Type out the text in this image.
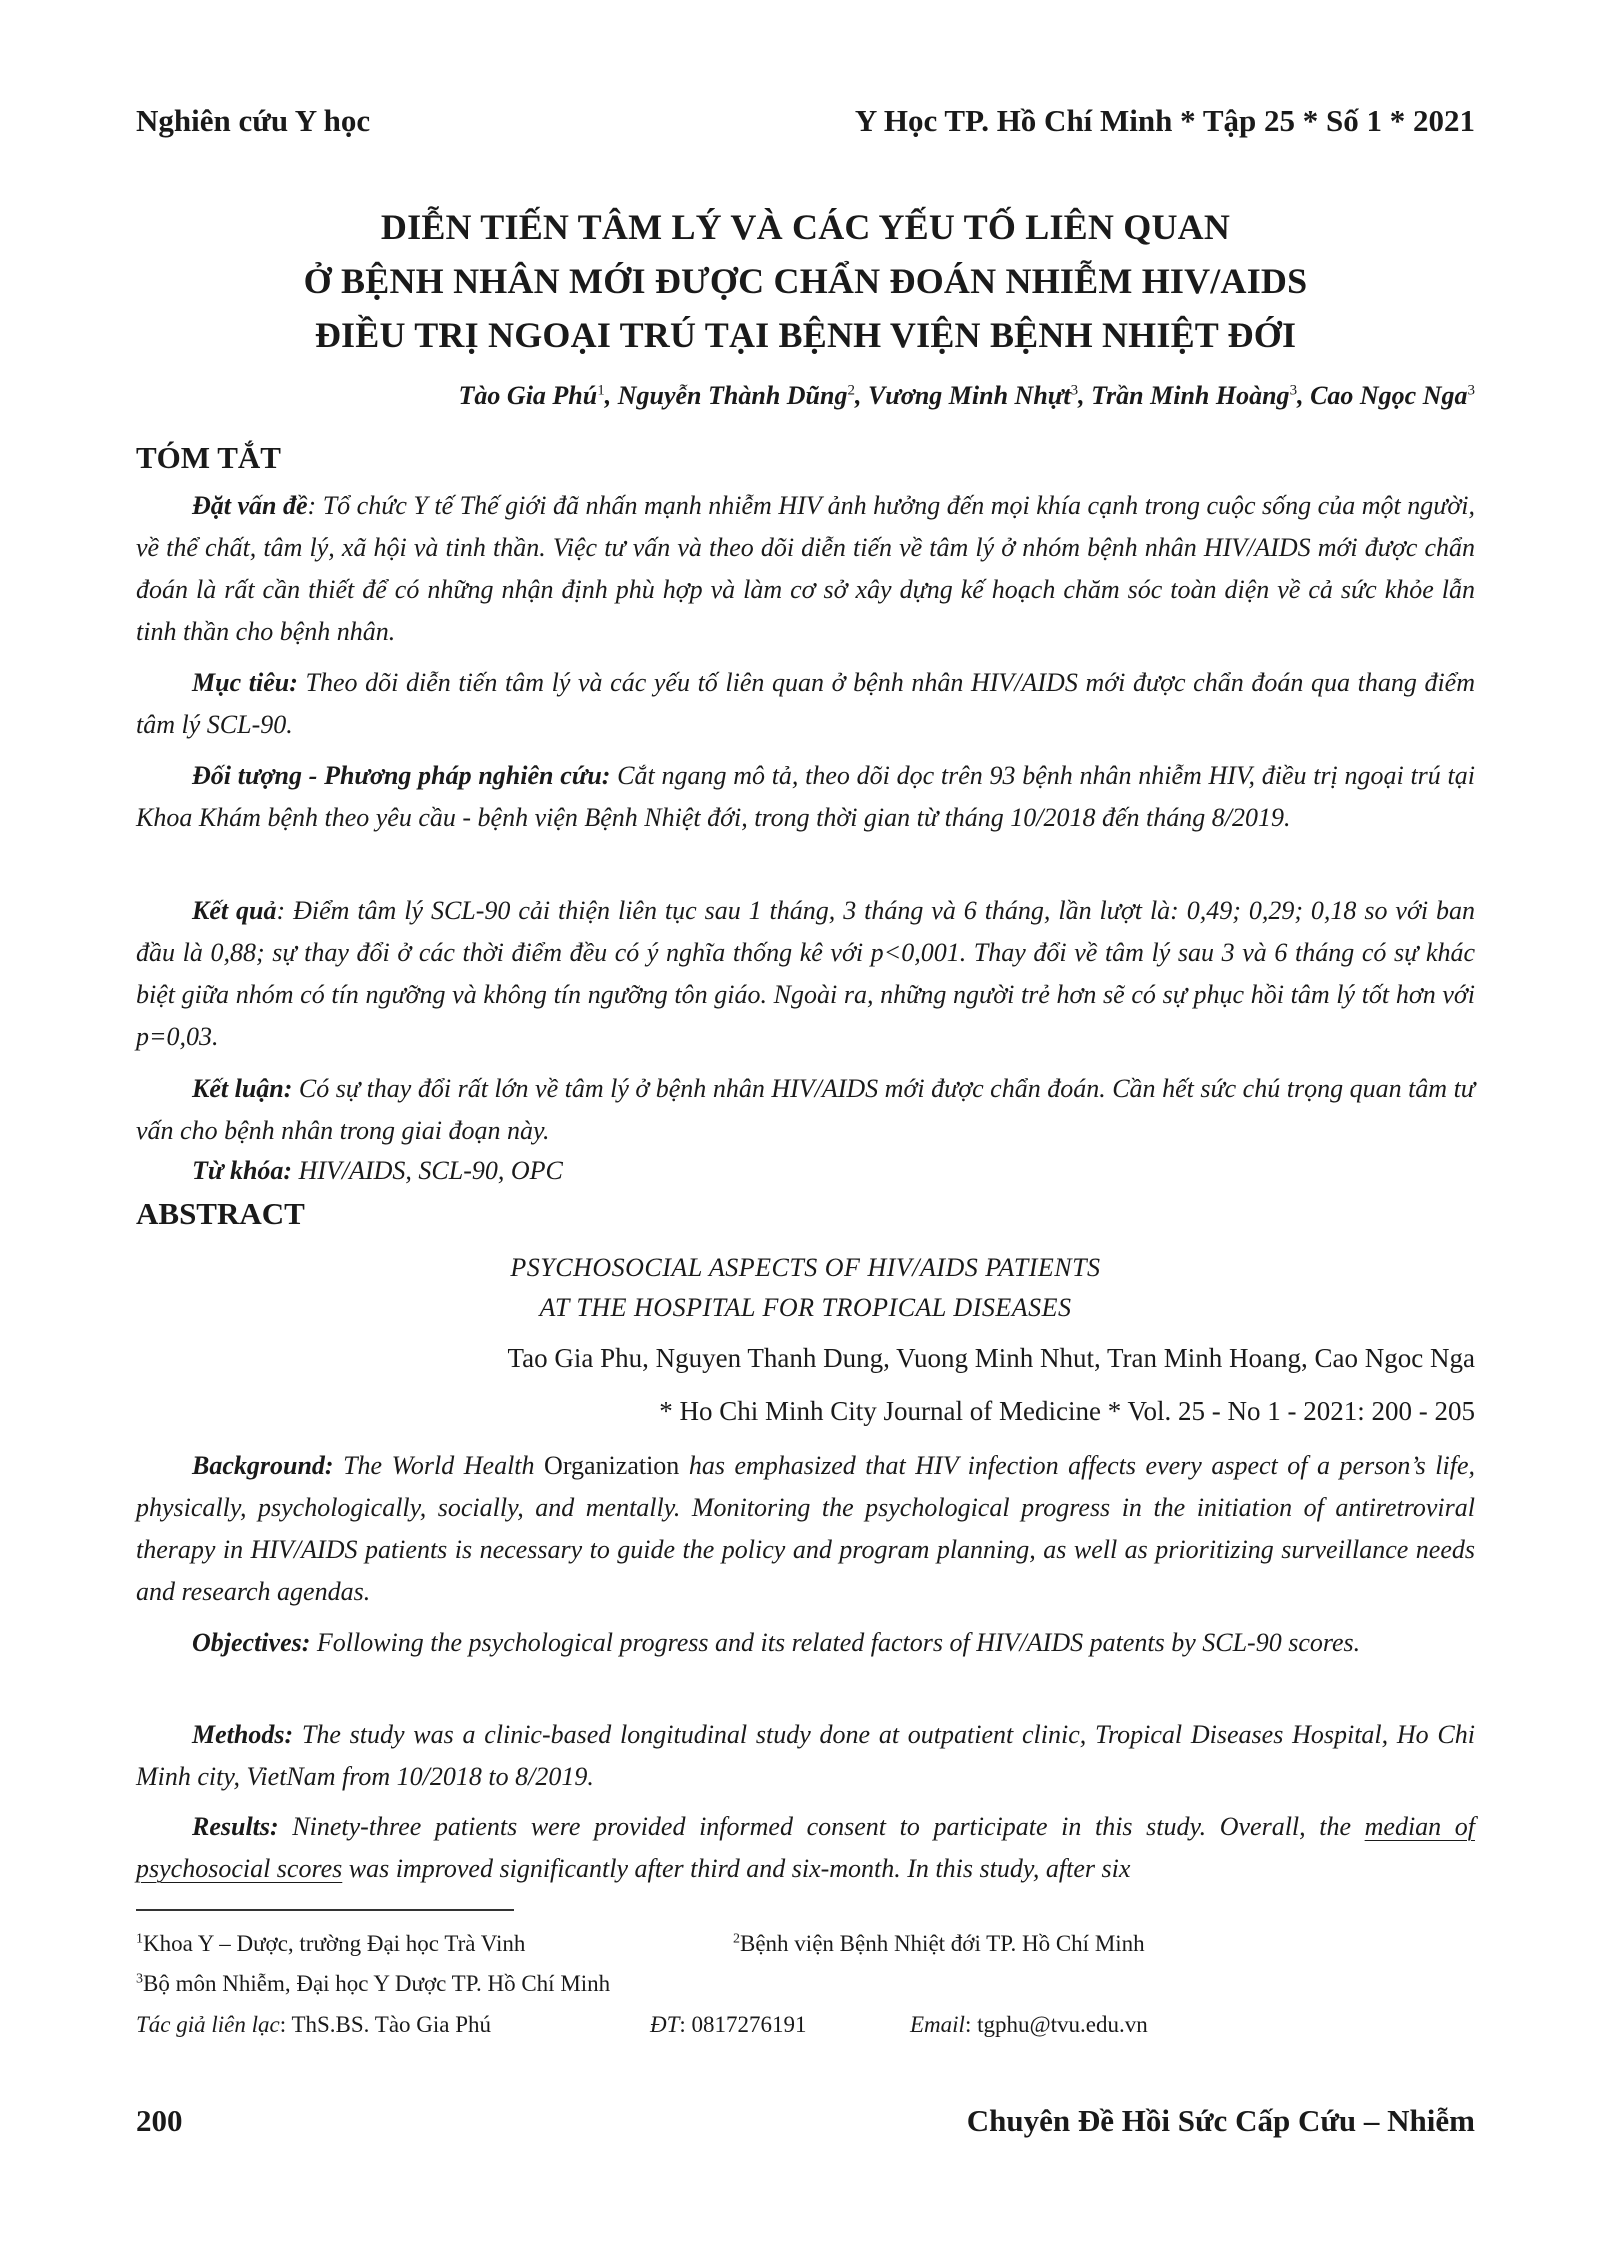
Nghiên cứu Y học	Y Học TP. Hồ Chí Minh * Tập 25 * Số 1 * 2021
DIỄN TIẾN TÂM LÝ VÀ CÁC YẾU TỐ LIÊN QUAN
Ở BỆNH NHÂN MỚI ĐƯỢC CHẨN ĐOÁN NHIỄM HIV/AIDS
ĐIỀU TRỊ NGOẠI TRÚ TẠI BỆNH VIỆN BỆNH NHIỆT ĐỚI
Tào Gia Phú$^1$, Nguyễn Thành Dũng$^2$, Vương Minh Nhựt$^3$, Trần Minh Hoàng$^3$, Cao Ngọc Nga$^3$
TÓM TẮT
Đặt vấn đề: Tổ chức Y tế Thế giới đã nhấn mạnh nhiễm HIV ảnh hưởng đến mọi khía cạnh trong cuộc sống của một người, về thể chất, tâm lý, xã hội và tinh thần. Việc tư vấn và theo dõi diễn tiến về tâm lý ở nhóm bệnh nhân HIV/AIDS mới được chẩn đoán là rất cần thiết để có những nhận định phù hợp và làm cơ sở xây dựng kế hoạch chăm sóc toàn diện về cả sức khỏe lẫn tinh thần cho bệnh nhân.
Mục tiêu: Theo dõi diễn tiến tâm lý và các yếu tố liên quan ở bệnh nhân HIV/AIDS mới được chẩn đoán qua thang điểm tâm lý SCL-90.
Đối tượng - Phương pháp nghiên cứu: Cắt ngang mô tả, theo dõi dọc trên 93 bệnh nhân nhiễm HIV, điều trị ngoại trú tại Khoa Khám bệnh theo yêu cầu - bệnh viện Bệnh Nhiệt đới, trong thời gian từ tháng 10/2018 đến tháng 8/2019.
Kết quả: Điểm tâm lý SCL-90 cải thiện liên tục sau 1 tháng, 3 tháng và 6 tháng, lần lượt là: 0,49; 0,29; 0,18 so với ban đầu là 0,88; sự thay đổi ở các thời điểm đều có ý nghĩa thống kê với p<0,001. Thay đổi về tâm lý sau 3 và 6 tháng có sự khác biệt giữa nhóm có tín ngưỡng và không tín ngưỡng tôn giáo. Ngoài ra, những người trẻ hơn sẽ có sự phục hồi tâm lý tốt hơn với p=0,03.
Kết luận: Có sự thay đổi rất lớn về tâm lý ở bệnh nhân HIV/AIDS mới được chẩn đoán. Cần hết sức chú trọng quan tâm tư vấn cho bệnh nhân trong giai đoạn này.
Từ khóa: HIV/AIDS, SCL-90, OPC
ABSTRACT
PSYCHOSOCIAL ASPECTS OF HIV/AIDS PATIENTS
AT THE HOSPITAL FOR TROPICAL DISEASES
Tao Gia Phu, Nguyen Thanh Dung, Vuong Minh Nhut, Tran Minh Hoang, Cao Ngoc Nga
* Ho Chi Minh City Journal of Medicine * Vol. 25 - No 1 - 2021: 200 - 205
Background: The World Health Organization has emphasized that HIV infection affects every aspect of a person’s life, physically, psychologically, socially, and mentally. Monitoring the psychological progress in the initiation of antiretroviral therapy in HIV/AIDS patients is necessary to guide the policy and program planning, as well as prioritizing surveillance needs and research agendas.
Objectives: Following the psychological progress and its related factors of HIV/AIDS patents by SCL-90 scores.
Methods: The study was a clinic-based longitudinal study done at outpatient clinic, Tropical Diseases Hospital, Ho Chi Minh city, VietNam from 10/2018 to 8/2019.
Results: Ninety-three patients were provided informed consent to participate in this study. Overall, the median of psychosocial scores was improved significantly after third and six-month. In this study, after six
$^1$Khoa Y – Dược, trường Đại học Trà Vinh	$^2$Bệnh viện Bệnh Nhiệt đới TP. Hồ Chí Minh
$^3$Bộ môn Nhiễm, Đại học Y Dược TP. Hồ Chí Minh
Tác giả liên lạc: ThS.BS. Tào Gia Phú	ĐT: 0817276191	Email: tgphu@tvu.edu.vn
200	Chuyên Đề Hồi Sức Cấp Cứu – Nhiễm
